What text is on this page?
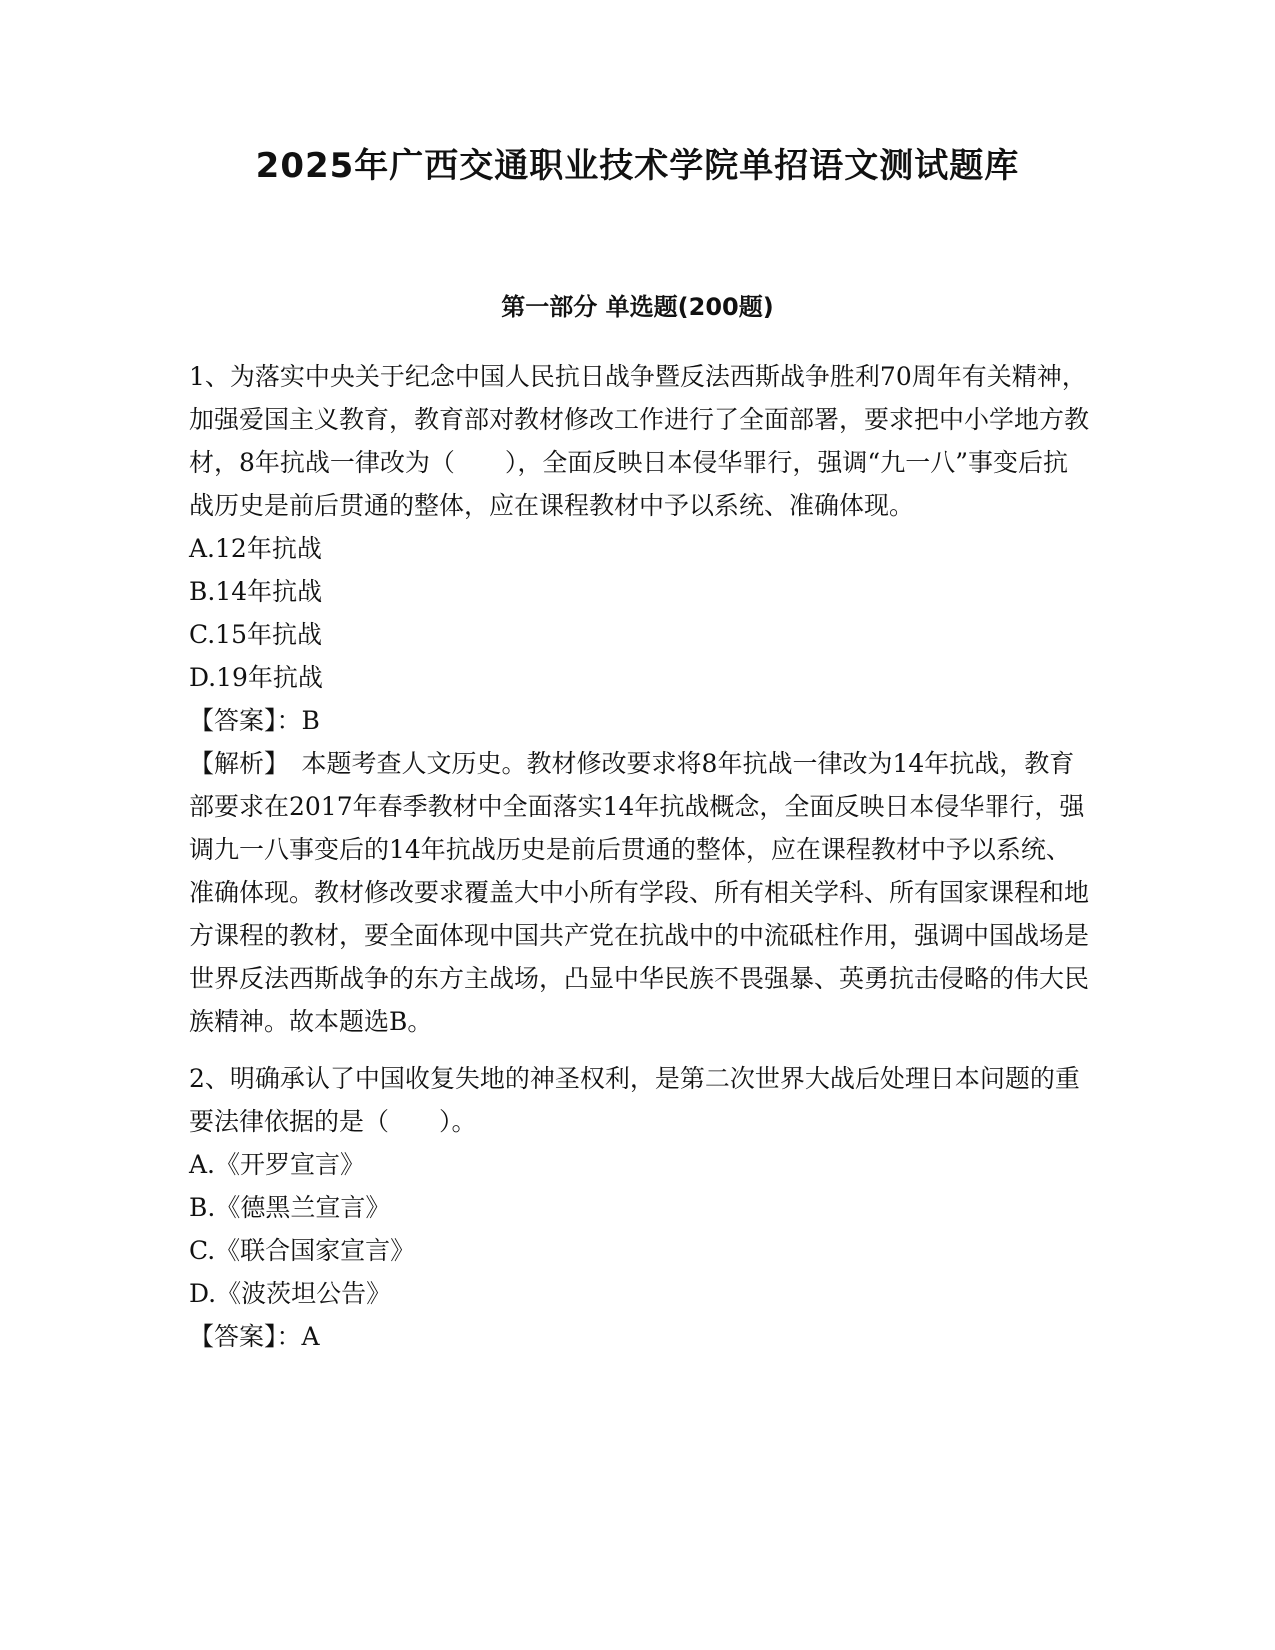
2025年广西交通职业技术学院单招语文测试题库
第一部分 单选题(200题)

1、为落实中央关于纪念中国人民抗日战争暨反法西斯战争胜利70周年有关精神，加强爱国主义教育，教育部对教材修改工作进行了全面部署，要求把中小学地方教材，8年抗战一律改为（　　），全面反映日本侵华罪行，强调“九一八”事变后抗战历史是前后贯通的整体，应在课程教材中予以系统、准确体现。

A.12年抗战

B.14年抗战

C.15年抗战

D.19年抗战

【答案】：B

【解析】　 本题考查人文历史。教材修改要求将8年抗战一律改为14年抗战，教育部要求在2017年春季教材中全面落实14年抗战概念，全面反映日本侵华罪行，强调九一八事变后的14年抗战历史是前后贯通的整体，应在课程教材中予以系统、准确体现。教材修改要求覆盖大中小所有学段、所有相关学科、所有国家课程和地方课程的教材，要全面体现中国共产党在抗战中的中流砥柱作用，强调中国战场是世界反法西斯战争的东方主战场，凸显中华民族不畏强暴、英勇抗击侵略的伟大民族精神。故本题选B。

2、明确承认了中国收复失地的神圣权利，是第二次世界大战后处理日本问题的重要法律依据的是（　　）。

A.《开罗宣言》

B.《德黑兰宣言》

C.《联合国家宣言》

D.《波茨坦公告》

【答案】：A
